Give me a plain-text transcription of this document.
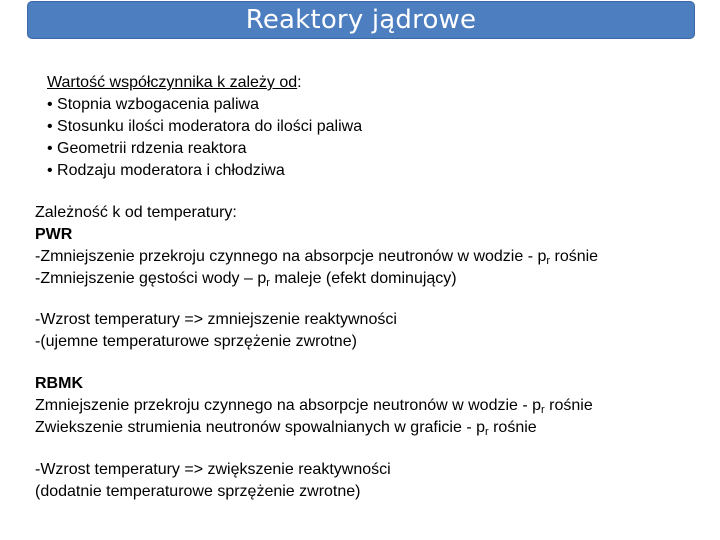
Reaktory jądrowe
Wartość współczynnika k zależy od:
• Stopnia wzbogacenia paliwa
• Stosunku ilości moderatora do ilości paliwa
• Geometrii rdzenia reaktora
• Rodzaju moderatora i chłodziwa
Zależność k od temperatury:
PWR
-Zmniejszenie przekroju czynnego na absorpcje neutronów w wodzie - $p_r$ rośnie
-Zmniejszenie gęstości wody – $p_r$ maleje (efekt dominujący)
-Wzrost temperatury => zmniejszenie reaktywności
-(ujemne temperaturowe sprzężenie zwrotne)
RBMK
Zmniejszenie przekroju czynnego na absorpcje neutronów w wodzie - $p_r$ rośnie
Zwiekszenie strumienia neutronów spowalnianych w graficie - $p_r$ rośnie
-Wzrost temperatury => zwiększenie reaktywności
(dodatnie temperaturowe sprzężenie zwrotne)
